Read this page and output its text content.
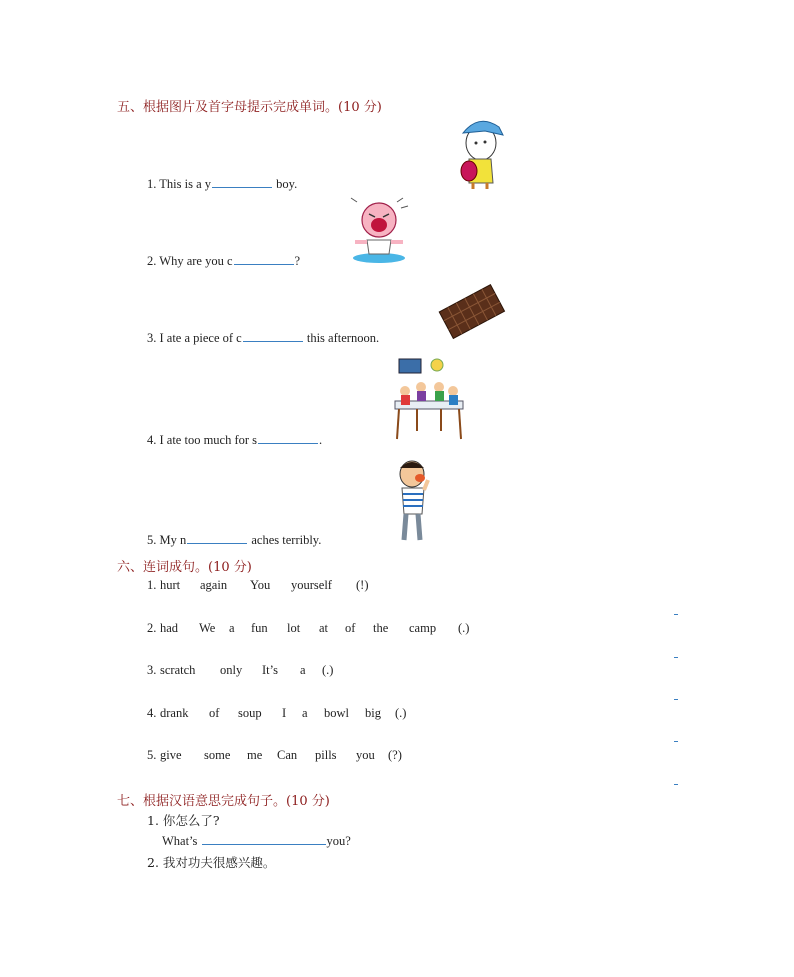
五、根据图片及首字母提示完成单词。(10 分)
1. This is a y	boy.
2. Why are you c	?
3. I ate a piece of c	this afternoon.
4. I ate too much for s	.
5. My n	aches terribly.
六、连词成句。(10 分)
1. hurt	again	You	yourself	(!)
2. had	We	a	fun	lot	at	of	the	camp	(.)
3. scratch	only	It’s	a	(.)
4. drank	of	soup	I	a	bowl	big	(.)
5. give	some	me	Can	pills	you	(?)
七、根据汉语意思完成句子。(10 分)
1. 你怎么了?
What’s	you?
2. 我对功夫很感兴趣。
